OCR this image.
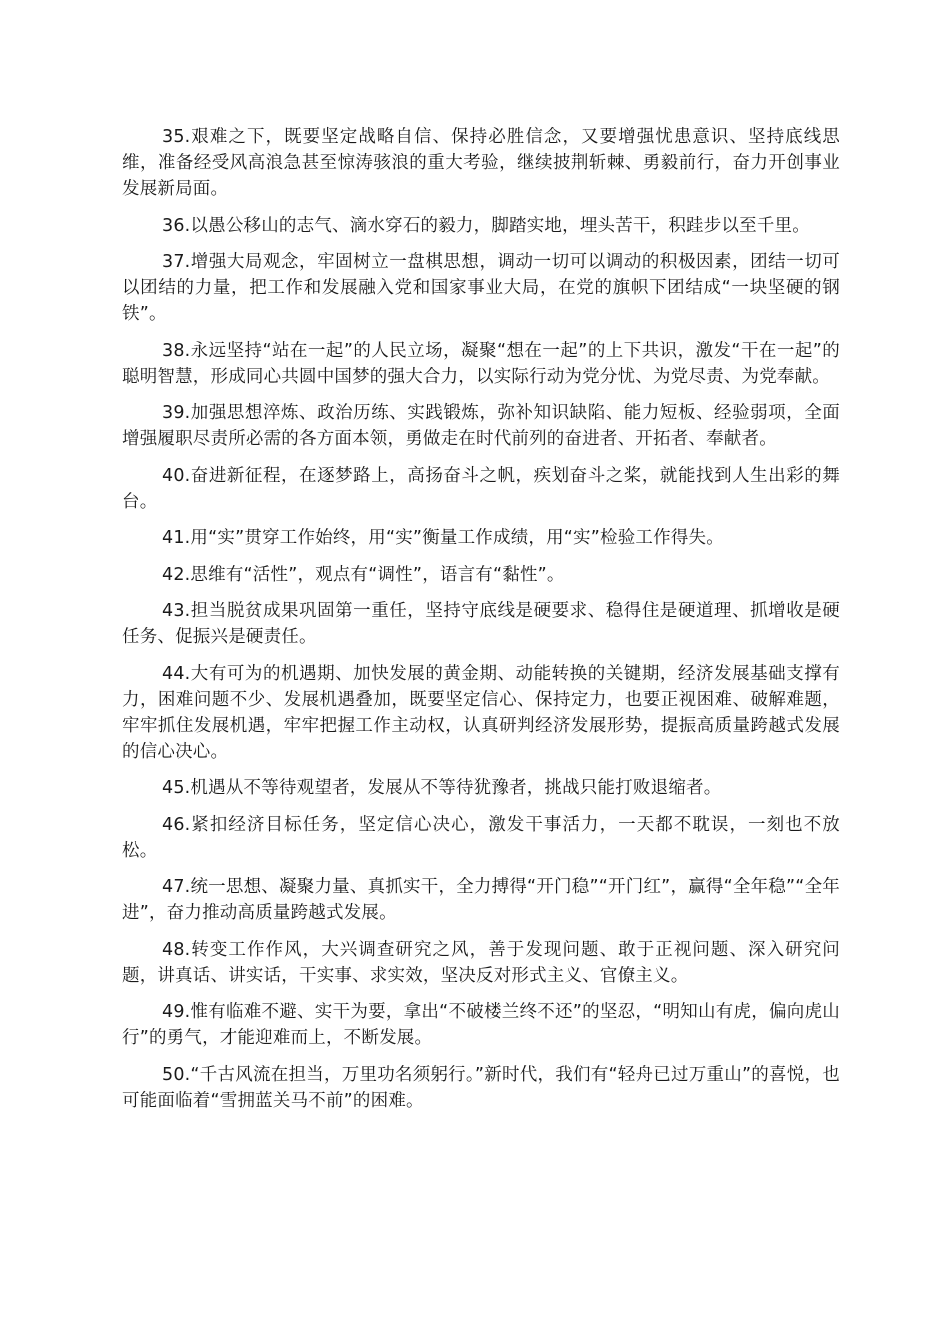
35.艰难之下，既要坚定战略自信、保持必胜信念，又要增强忧患意识、坚持底线思维，准备经受风高浪急甚至惊涛骇浪的重大考验，继续披荆斩棘、勇毅前行，奋力开创事业发展新局面。

36.以愚公移山的志气、滴水穿石的毅力，脚踏实地，埋头苦干，积跬步以至千里。

37.增强大局观念，牢固树立一盘棋思想，调动一切可以调动的积极因素，团结一切可以团结的力量，把工作和发展融入党和国家事业大局，在党的旗帜下团结成“一块坚硬的钢铁”。

38.永远坚持“站在一起”的人民立场，凝聚“想在一起”的上下共识，激发“干在一起”的聪明智慧，形成同心共圆中国梦的强大合力，以实际行动为党分忧、为党尽责、为党奉献。

39.加强思想淬炼、政治历练、实践锻炼，弥补知识缺陷、能力短板、经验弱项，全面增强履职尽责所必需的各方面本领，勇做走在时代前列的奋进者、开拓者、奉献者。

40.奋进新征程，在逐梦路上，高扬奋斗之帆，疾划奋斗之桨，就能找到人生出彩的舞台。

41.用“实”贯穿工作始终，用“实”衡量工作成绩，用“实”检验工作得失。

42.思维有“活性”，观点有“调性”，语言有“黏性”。

43.担当脱贫成果巩固第一重任，坚持守底线是硬要求、稳得住是硬道理、抓增收是硬任务、促振兴是硬责任。

44.大有可为的机遇期、加快发展的黄金期、动能转换的关键期，经济发展基础支撑有力，困难问题不少、发展机遇叠加，既要坚定信心、保持定力，也要正视困难、破解难题，牢牢抓住发展机遇，牢牢把握工作主动权，认真研判经济发展形势，提振高质量跨越式发展的信心决心。

45.机遇从不等待观望者，发展从不等待犹豫者，挑战只能打败退缩者。

46.紧扣经济目标任务，坚定信心决心，激发干事活力，一天都不耽误，一刻也不放松。

47.统一思想、凝聚力量、真抓实干，全力搏得“开门稳”“开门红”，赢得“全年稳”“全年进”，奋力推动高质量跨越式发展。

48.转变工作作风，大兴调查研究之风，善于发现问题、敢于正视问题、深入研究问题，讲真话、讲实话，干实事、求实效，坚决反对形式主义、官僚主义。

49.惟有临难不避、实干为要，拿出“不破楼兰终不还”的坚忍，“明知山有虎，偏向虎山行”的勇气，才能迎难而上，不断发展。

50.“千古风流在担当，万里功名须躬行。”新时代，我们有“轻舟已过万重山”的喜悦，也可能面临着“雪拥蓝关马不前”的困难。
